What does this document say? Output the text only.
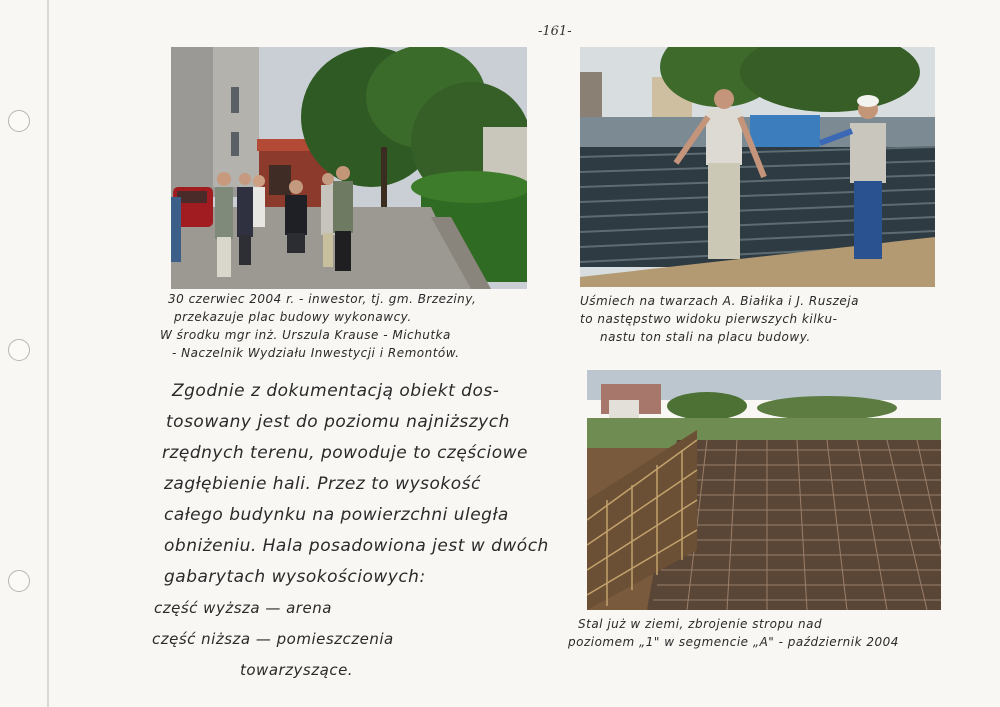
-161-
30 czerwiec 2004 r. - inwestor, tj. gm. Brzeziny,
przekazuje plac budowy wykonawcy.
W środku mgr inż. Urszula Krause - Michutka
- Naczelnik Wydziału Inwestycji i Remontów.
Uśmiech na twarzach A. Białika i J. Ruszeja
to następstwo widoku pierwszych kilku-
nastu ton stali na placu budowy.
Stal już w ziemi, zbrojenie stropu nad
poziomem „1" w segmencie „A" - październik 2004
Zgodnie z dokumentacją obiekt dos-
tosowany jest do poziomu najniższych
rzędnych terenu, powoduje to częściowe
zagłębienie hali. Przez to wysokość
całego budynku na powierzchni uległa
obniżeniu. Hala posadowiona jest w dwóch
gabarytach wysokościowych:
część wyższa — arena
część niższa — pomieszczenia
towarzyszące.
